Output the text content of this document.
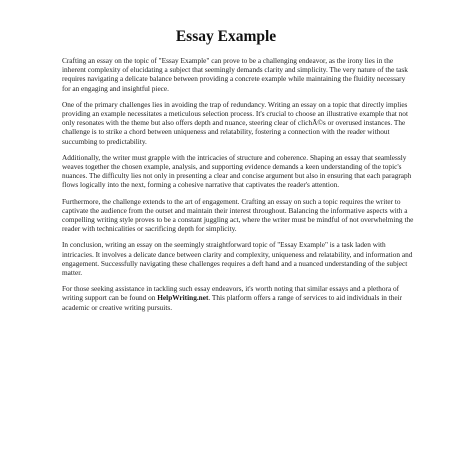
Essay Example

Crafting an essay on the topic of "Essay Example" can prove to be a challenging endeavor, as the irony lies in the inherent complexity of elucidating a subject that seemingly demands clarity and simplicity. The very nature of the task requires navigating a delicate balance between providing a concrete example while maintaining the fluidity necessary for an engaging and insightful piece.

One of the primary challenges lies in avoiding the trap of redundancy. Writing an essay on a topic that directly implies providing an example necessitates a meticulous selection process. It's crucial to choose an illustrative example that not only resonates with the theme but also offers depth and nuance, steering clear of clichÃ©s or overused instances. The challenge is to strike a chord between uniqueness and relatability, fostering a connection with the reader without succumbing to predictability.

Additionally, the writer must grapple with the intricacies of structure and coherence. Shaping an essay that seamlessly weaves together the chosen example, analysis, and supporting evidence demands a keen understanding of the topic's nuances. The difficulty lies not only in presenting a clear and concise argument but also in ensuring that each paragraph flows logically into the next, forming a cohesive narrative that captivates the reader's attention.

Furthermore, the challenge extends to the art of engagement. Crafting an essay on such a topic requires the writer to captivate the audience from the outset and maintain their interest throughout. Balancing the informative aspects with a compelling writing style proves to be a constant juggling act, where the writer must be mindful of not overwhelming the reader with technicalities or sacrificing depth for simplicity.

In conclusion, writing an essay on the seemingly straightforward topic of "Essay Example" is a task laden with intricacies. It involves a delicate dance between clarity and complexity, uniqueness and relatability, and information and engagement. Successfully navigating these challenges requires a deft hand and a nuanced understanding of the subject matter.

For those seeking assistance in tackling such essay endeavors, it's worth noting that similar essays and a plethora of writing support can be found on HelpWriting.net. This platform offers a range of services to aid individuals in their academic or creative writing pursuits.
